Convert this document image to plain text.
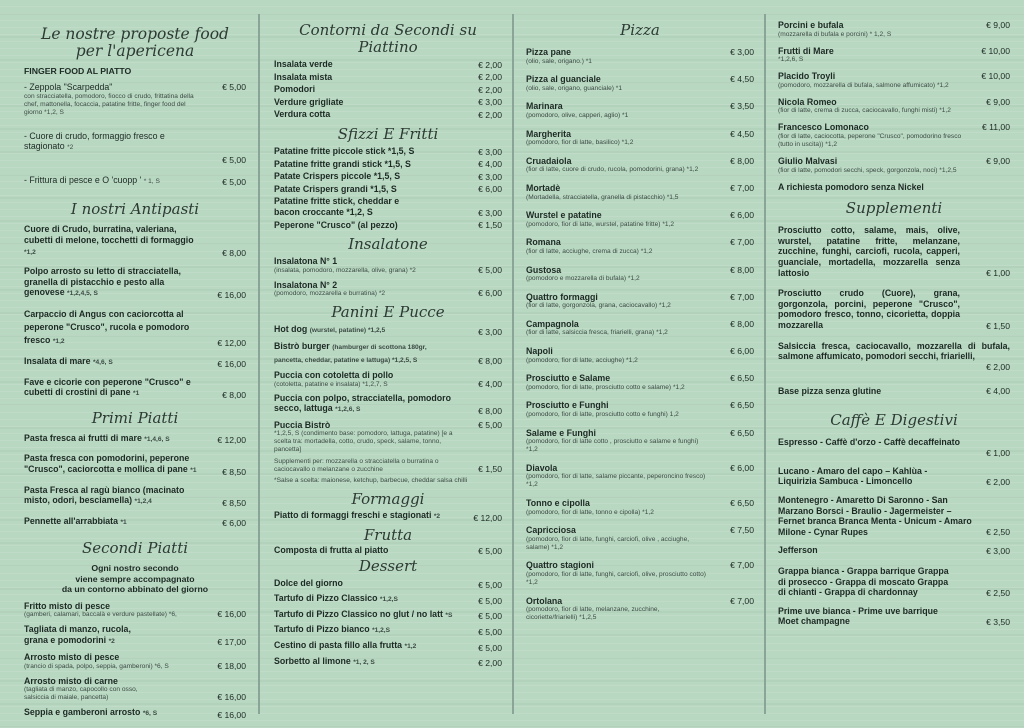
Le nostre proposte food
per l'apericena
FINGER FOOD AL PIATTO
- Zeppola "Scarpedda"
con stracciatella, pomodoro, fiocco di crudo, frittatina della chef, mattonella, focaccia, patatine fritte, finger food del giorno *1,2, S
€ 5,00
- Cuore di crudo, formaggio fresco e stagionato *2
€ 5,00
- Frittura di pesce e O 'cuopp ' * 1, S	€ 5,00
I nostri Antipasti
Cuore di Crudo, burratina, valeriana, cubetti di melone, tocchetti di formaggio *1,2	€ 8,00
Polpo arrosto su letto di stracciatella, granella di pistacchio e pesto alla genovese *1,2,4,5, S	€ 16,00
Carpaccio di Angus con caciorcotta al peperone "Crusco", rucola e pomodoro fresco *1,2	€ 12,00
Insalata di mare *4,6, S	€ 16,00
Fave e cicorie con peperone "Crusco" e cubetti di crostini di pane *1	€ 8,00
Primi Piatti
Pasta fresca ai frutti di mare *1,4,6, S	€ 12,00
Pasta fresca con pomodorini, peperone "Crusco", caciorcotta e mollica di pane *1	€ 8,50
Pasta Fresca al ragù bianco (macinato misto, odori, besciamella) *1,2,4	€ 8,50
Pennette all'arrabbiata *1	€ 6,00
Secondi Piatti
Ogni nostro secondo
viene sempre accompagnato
da un contorno abbinato del giorno
Fritto misto di pesce
(gamberi, calamari, baccalà e verdure pastellate) *6,	€ 16,00
Tagliata di manzo, rucola, grana e pomodorini *2	€ 17,00
Arrosto misto di pesce
(trancio di spada, polpo, seppia, gamberoni) *6, S	€ 18,00
Arrosto misto di carne
(tagliata di manzo, capocollo con osso, salsiccia di maiale, pancetta)	€ 16,00
Seppia e gamberoni arrosto *6, S	€ 16,00
Contorni da Secondi su Piattino
Insalata verde	€ 2,00
Insalata mista	€ 2,00
Pomodori	€ 2,00
Verdure grigliate	€ 3,00
Verdura cotta	€ 2,00
Sfizzi E Fritti
Patatine fritte piccole stick *1,5, S	€ 3,00
Patatine fritte grandi stick *1,5, S	€ 4,00
Patate Crispers piccole *1,5, S	€ 3,00
Patate Crispers grandi *1,5, S	€ 6,00
Patatine fritte stick, cheddar e bacon croccante *1,2, S	€ 3,00
Peperone "Crusco" (al pezzo)	€ 1,50
Insalatone
Insalatona N° 1
(insalata, pomodoro, mozzarella, olive, grana) *2	€ 5,00
Insalatona N° 2
(pomodoro, mozzarella e burratina) *2	€ 6,00
Panini E Pucce
Hot dog (wurstel, patatine) *1,2,5	€ 3,00
Bistrò burger (hamburger di scottona 180gr, pancetta, cheddar, patatine e lattuga) *1,2,5, S	€ 8,00
Puccia con cotoletta di pollo
(cotoletta, patatine e insalata) *1,2,7, S	€ 4,00
Puccia con polpo, stracciatella, pomodoro secco, lattuga *1,2,6, S	€ 8,00
Puccia Bistrò
*1,2,5, S (condimento base: pomodoro, lattuga, patatine) [e a scelta tra: mortadella, cotto, crudo, speck, salame, tonno, pancetta]
€ 5,00
Supplementi per: mozzarella o stracciatella o burratina o caciocavallo o melanzane o zucchine	€ 1,50
*Salse a scelta: maionese, ketchup, barbecue, cheddar salsa chilli
Formaggi
Piatto di formaggi freschi e stagionati *2	€ 12,00
Frutta
Composta di frutta al piatto	€ 5,00
Dessert
Dolce del giorno	€ 5,00
Tartufo di Pizzo Classico *1,2,S	€ 5,00
Tartufo di Pizzo Classico no glut / no latt *S	€ 5,00
Tartufo di Pizzo bianco *1,2,S	€ 5,00
Cestino di pasta fillo alla frutta *1,2	€ 5,00
Sorbetto al limone *1, 2, S	€ 2,00
Pizza
Pizza pane
(olio, sale, origano.) *1
€ 3,00
Pizza al guanciale
(olio, sale, origano, guanciale) *1
€ 4,50
Marinara
(pomodoro, olive, capperi, aglio) *1
€ 3,50
Margherita
(pomodoro, fior di latte, basilico) *1,2
€ 4,50
Cruadaiola
(fior di latte, cuore di crudo, rucola, pomodorini, grana) *1,2
€ 8,00
Mortadè
(Mortadella, stracciatella, granella di pistacchio) *1,5
€ 7,00
Wurstel e patatine
(pomodoro, fior di latte, wurstel, patatine fritte) *1,2
€ 6,00
Romana
(fior di latte, acciughe, crema di zucca) *1,2
€ 7,00
Gustosa
(pomodoro e mozzarella di bufala) *1,2
€ 8,00
Quattro formaggi
(fior di latte, gorgonzola, grana, caciocavallo) *1,2
€ 7,00
Campagnola
(fior di latte, salsiccia fresca, friarielli, grana) *1,2
€ 8,00
Napoli
(pomodoro, fior di latte, acciughe) *1,2
€ 6,00
Prosciutto e Salame
(pomodoro, fior di latte, prosciutto cotto e salame) *1,2
€ 6,50
Prosciutto e Funghi
(pomodoro, fior di latte, prosciutto cotto e funghi) 1,2
€ 6,50
Salame e Funghi
(pomodoro, fior di latte cotto , prosciutto e salame e funghi) *1,2
€ 6,50
Diavola
(pomodoro, fior di latte, salame piccante, peperoncino fresco) *1,2
€ 6,00
Tonno e cipolla
(pomodoro, fior di latte, tonno e cipolla) *1,2
€ 6,50
Capricciosa
(pomodoro, fior di latte, funghi, carciofi, olive , acciughe, salame) *1,2
€ 7,50
Quattro stagioni
(pomodoro, fior di latte, funghi, carciofi, olive, prosciutto cotto) *1,2
€ 7,00
Ortolana
(pomodoro, fior di latte, melanzane, zucchine, cicoriette/friarielli) *1,2,5
€ 7,00
Porcini e bufala
(mozzarella di bufala e porcini) * 1,2, S
€ 9,00
Frutti di Mare
*1,2,6, S
€ 10,00
Placido Troyli
(pomodoro, mozzarella di bufala, salmone affumicato) *1,2
€ 10,00
Nicola Romeo
(fior di latte, crema di zucca, caciocavallo, funghi misti) *1,2
€ 9,00
Francesco Lomonaco
(fior di latte, caciocotta, peperone "Crusco", pomodorino fresco (tutto in uscita)) *1,2
€ 11,00
Giulio Malvasi
(fior di latte, pomodori secchi, speck, gorgonzola, noci) *1,2,5
€ 9,00
A richiesta pomodoro senza Nickel
Supplementi
Prosciutto cotto, salame, mais, olive, wurstel, patatine fritte, melanzane, zucchine, funghi, carciofi, rucola, capperi, guanciale, mortadella, mozzarella senza lattosio	€ 1,00
Prosciutto crudo (Cuore), grana, gorgonzola, porcini, peperone "Crusco", pomodoro fresco, tonno, cicorietta, doppia mozzarella	€ 1,50
Salsiccia fresca, caciocavallo, mozzarella di bufala, salmone affumicato, pomodori secchi, friarielli,
€ 2,00
Base pizza senza glutine	€ 4,00
Caffè E Digestivi
Espresso - Caffè d'orzo - Caffè decaffeinato
€ 1,00
Lucano - Amaro del capo – Kahlùa - Liquirizia Sambuca - Limoncello	€ 2,00
Montenegro - Amaretto Di Saronno - San Marzano Borsci - Braulio - Jagermeister – Fernet branca Branca Menta - Unicum - Amaro Milone - Cynar Rupes	€ 2,50
Jefferson	€ 3,00
Grappa bianca - Grappa barrique Grappa di prosecco - Grappa di moscato Grappa di chianti - Grappa di chardonnay	€ 2,50
Prime uve bianca - Prime uve barrique Moet champagne	€ 3,50
